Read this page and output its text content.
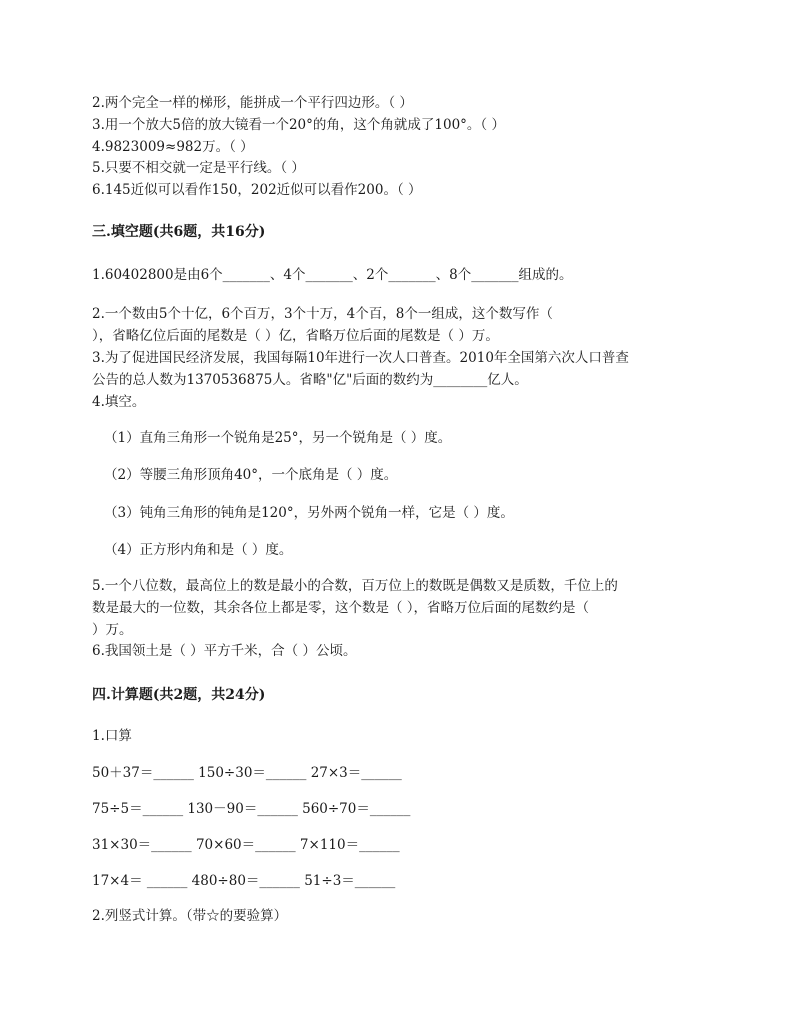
2.两个完全一样的梯形，能拼成一个平行四边形。（ ）
3.用一个放大5倍的放大镜看一个20°的角，这个角就成了100°。（ ）
4.9823009≈982万。（ ）
5.只要不相交就一定是平行线。（ ）
6.145近似可以看作150，202近似可以看作200。（ ）
三.填空题(共6题，共16分)
1.60402800是由6个_______、4个_______、2个_______、8个_______组成的。
2.一个数由5个十亿，6个百万，3个十万，4个百，8个一组成，这个数写作（
），省略亿位后面的尾数是（ ）亿，省略万位后面的尾数是（ ）万。
3.为了促进国民经济发展，我国每隔10年进行一次人口普查。2010年全国第六次人口普查
公告的总人数为1370536875人。省略"亿"后面的数约为________亿人。
4.填空。
（1）直角三角形一个锐角是25°，另一个锐角是（ ）度。
（2）等腰三角形顶角40°，一个底角是（ ）度。
（3）钝角三角形的钝角是120°，另外两个锐角一样，它是（ ）度。
（4）正方形内角和是（ ）度。
5.一个八位数，最高位上的数是最小的合数，百万位上的数既是偶数又是质数，千位上的
数是最大的一位数，其余各位上都是零，这个数是（ ），省略万位后面的尾数约是（
）万。
6.我国领土是（ ）平方千米，合（ ）公顷。
四.计算题(共2题，共24分)
1.口算
50＋37＝______ 150÷30＝______ 27×3＝______
75÷5＝______ 130－90＝______ 560÷70＝______
31×30＝______ 70×60＝______ 7×110＝______
17×4＝ ______ 480÷80＝______ 51÷3＝______
2.列竖式计算。（带☆的要验算）
